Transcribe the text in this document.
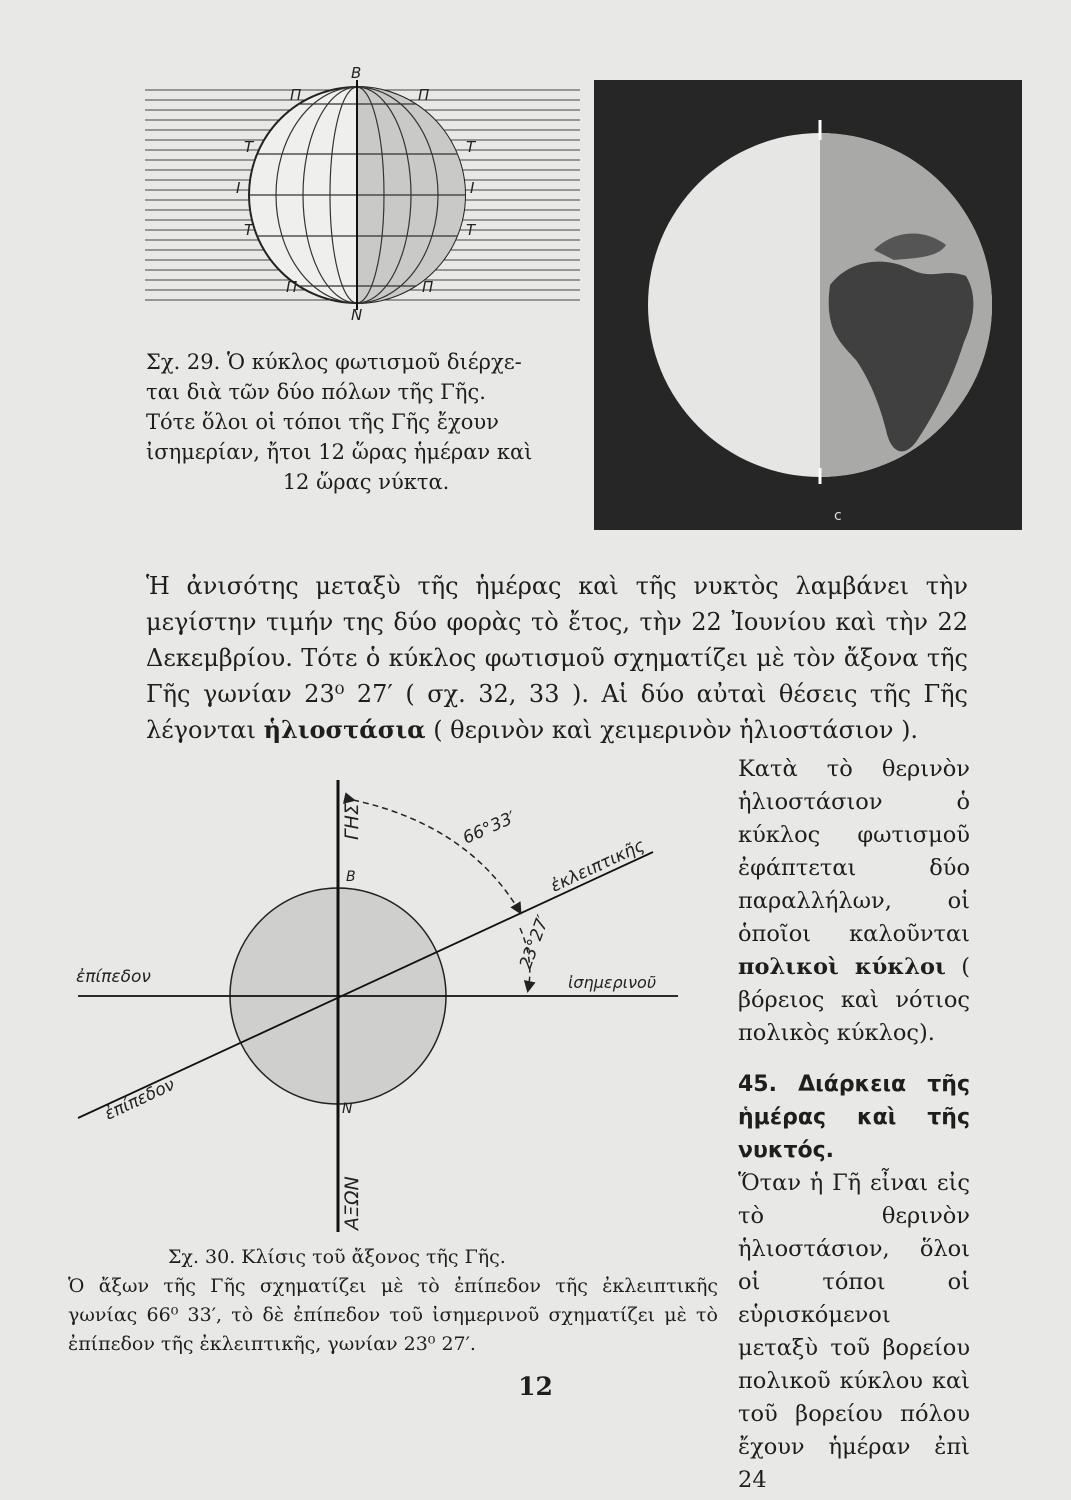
B
N
Π	Π
T	T
I	I
T	T
Π	Π
c
Σχ. 29. Ὁ κύκλος φωτισμοῦ διέρχε-
ται διὰ τῶν δύο πόλων τῆς Γῆς.
Τότε ὅλοι οἱ τόποι τῆς Γῆς ἔχουν
ἰσημερίαν, ἤτοι 12 ὥρας ἡμέραν καὶ
12 ὥρας νύκτα.
Ἡ ἀνισότης μεταξὺ τῆς ἡμέρας καὶ τῆς νυκτὸς λαμβάνει τὴν μεγίστην τιμήν της δύο φορὰς τὸ ἔτος, τὴν 22 Ἰουνίου καὶ τὴν 22 Δεκεμβρίου. Τότε ὁ κύκλος φωτισμοῦ σχηματίζει μὲ τὸν ἄξονα τῆς Γῆς γωνίαν 23⁰ 27′ ( σχ. 32, 33 ). Αἱ δύο αὐταὶ θέσεις τῆς Γῆς λέγονται ἡλιοστάσια ( θερινὸν καὶ χειμερινὸν ἡλιοστάσιον ).
ΓΗΣ
ΑΞΩΝ
B
N
66°33′
23°27′
ἐκλειπτικῆς
ἐπίπεδον
ἐπίπεδον
ἰσημερινοῦ

Κατὰ τὸ θερινὸν ἡλιοστάσιον ὁ κύκλος φωτισμοῦ ἐφάπτεται δύο παραλλήλων, οἱ ὁποῖοι καλοῦνται πολικοὶ κύκλοι ( βόρειος καὶ νότιος πολικὸς κύκλος).

45. Διάρκεια τῆς ἡμέρας καὶ τῆς νυκτός.

Ὅταν ἡ Γῆ εἶναι εἰς τὸ θερινὸν ἡλιοστάσιον, ὅλοι οἱ τόποι οἱ εὑρισκόμενοι μεταξὺ τοῦ βορείου πολικοῦ κύκλου καὶ τοῦ βορείου πόλου ἔχουν ἡμέραν ἐπὶ 24

Σχ. 30. Κλίσις τοῦ ἄξονος τῆς Γῆς.
Ὁ ἄξων τῆς Γῆς σχηματίζει μὲ τὸ ἐπίπεδον τῆς ἐκλειπτικῆς γωνίας 66⁰ 33′, τὸ δὲ ἐπίπεδον τοῦ ἰσημερινοῦ σχηματίζει μὲ τὸ ἐπίπεδον τῆς ἐκλειπτικῆς, γωνίαν 23⁰ 27′.
12
